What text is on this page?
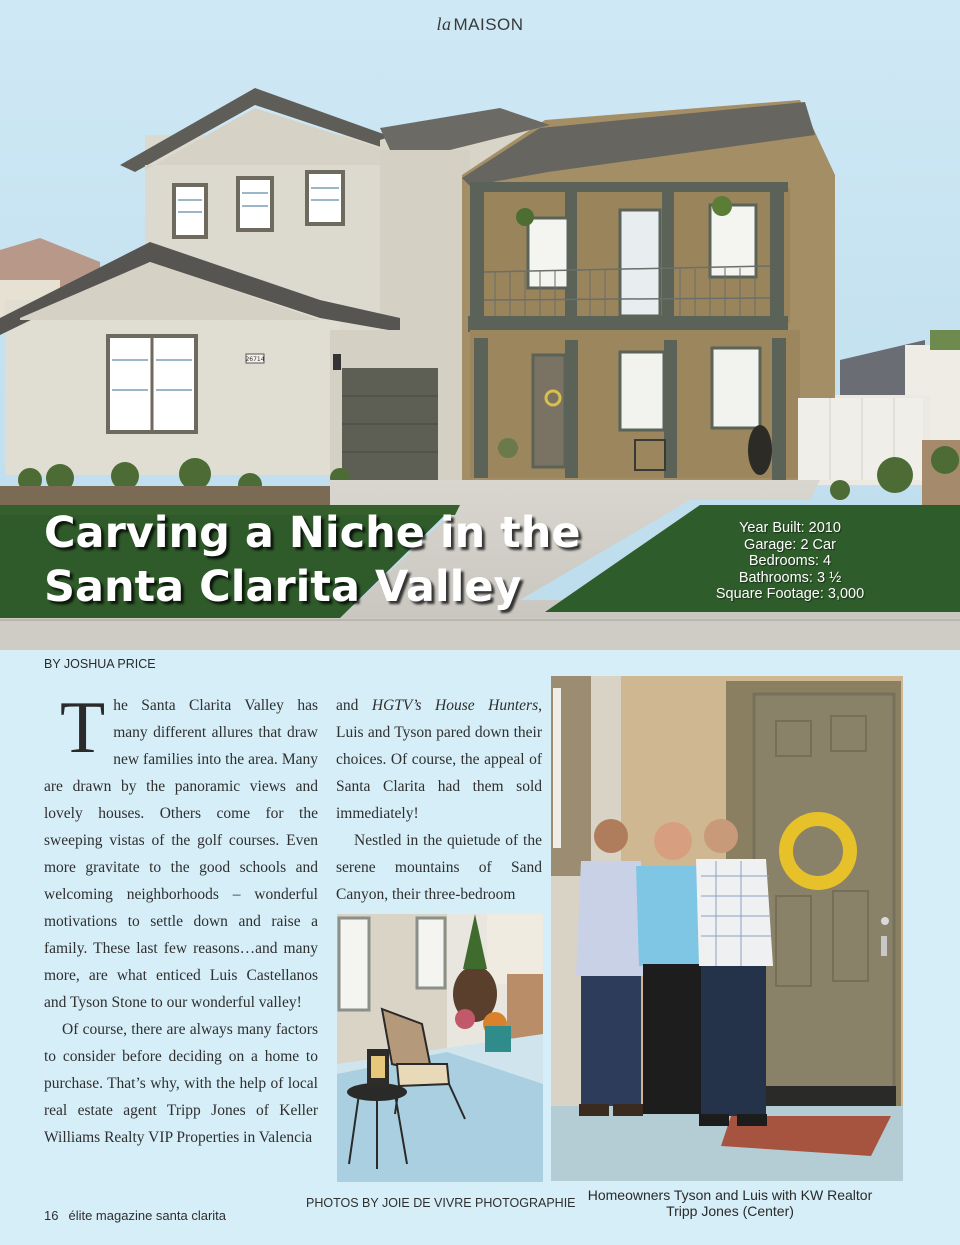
26714
la MAISON
Carving a Niche in the
Santa Clarita Valley
Year Built: 2010
Garage: 2 Car
Bedrooms: 4
Bathrooms: 3 ½
Square Footage: 3,000
BY JOSHUA PRICE

The Santa Clarita Valley has many different allures that draw new families into the area. Many are drawn by the panoramic views and lovely houses. Others come for the sweeping vistas of the golf courses. Even more gravitate to the good schools and welcoming neighborhoods – wonderful motivations to settle down and raise a family. These last few reasons…and many more, are what enticed Luis Castellanos and Tyson Stone to our wonderful valley!

Of course, there are always many factors to consider before deciding on a home to purchase. That’s why, with the help of local real estate agent Tripp Jones of Keller Williams Realty VIP Properties in Valencia

and HGTV’s House Hunters, Luis and Tyson pared down their choices. Of course, the appeal of Santa Clarita had them sold immediately!

Nestled in the quietude of the serene mountains of Sand Canyon, their three-bedroom

PHOTOS BY JOIE DE VIVRE PHOTOGRAPHIE Homeowners Tyson and Luis with KW Realtor
Tripp Jones (Center)
16 élite magazine santa clarita
